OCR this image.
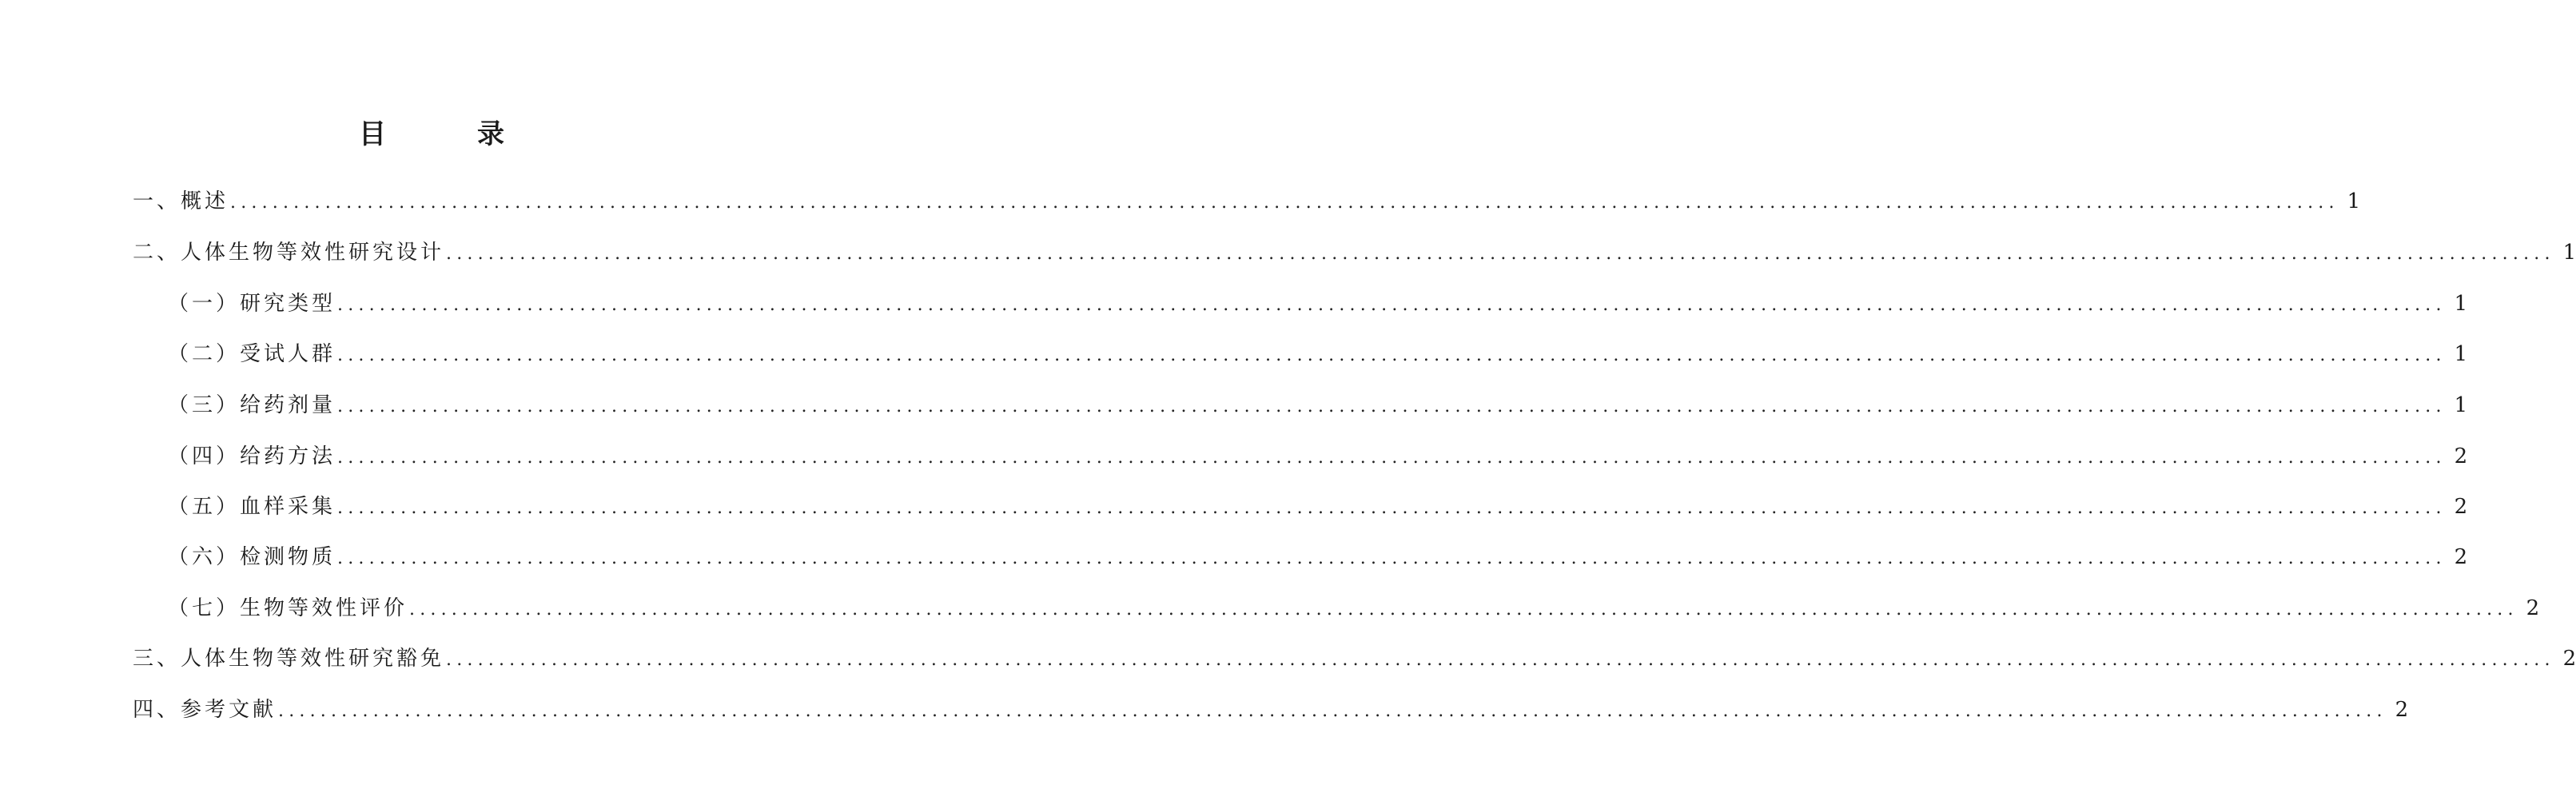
目　录
一、概述 ........................................................................................................................................................................................................ 1
二、人体生物等效性研究设计 ........................................................................................................................................................................................................ 1
（一）研究类型 ........................................................................................................................................................................................................ 1
（二）受试人群 ........................................................................................................................................................................................................ 1
（三）给药剂量 ........................................................................................................................................................................................................ 1
（四）给药方法 ........................................................................................................................................................................................................ 2
（五）血样采集 ........................................................................................................................................................................................................ 2
（六）检测物质 ........................................................................................................................................................................................................ 2
（七）生物等效性评价 ........................................................................................................................................................................................................ 2
三、人体生物等效性研究豁免 ........................................................................................................................................................................................................ 2
四、参考文献 ........................................................................................................................................................................................................ 2
